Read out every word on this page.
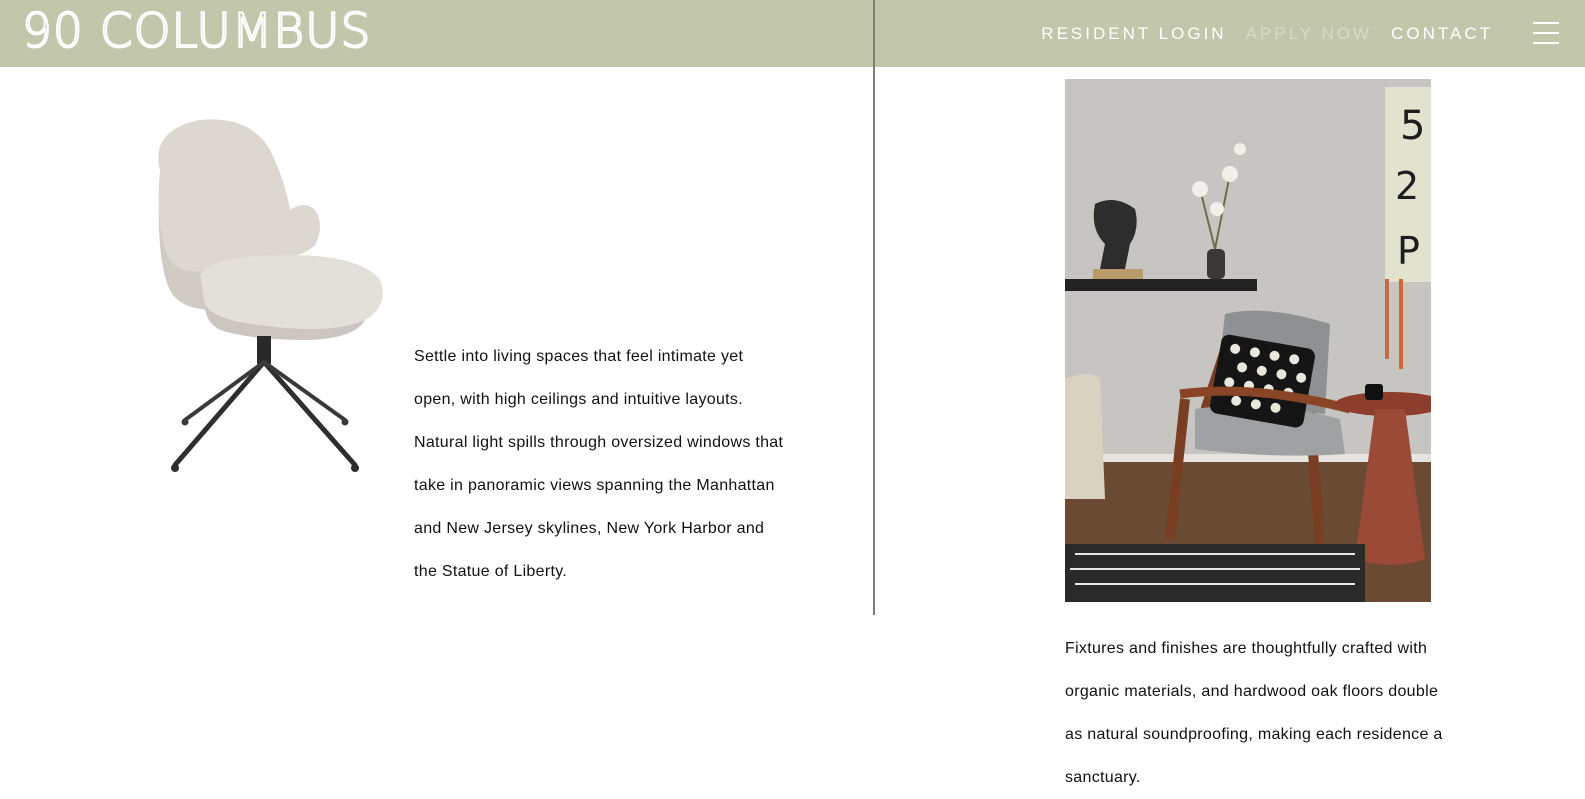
90 COLUMBUS	RESIDENT LOGIN APPLY NOW CONTACT

Settle into living spaces that feel intimate yet open, with high ceilings and intuitive layouts. Natural light spills through oversized windows that take in panoramic views spanning the Manhattan and New Jersey skylines, New York Harbor and the Statue of Liberty.

5
2
P

Fixtures and finishes are thoughtfully crafted with organic materials, and hardwood oak floors double as natural soundproofing, making each residence a sanctuary.
